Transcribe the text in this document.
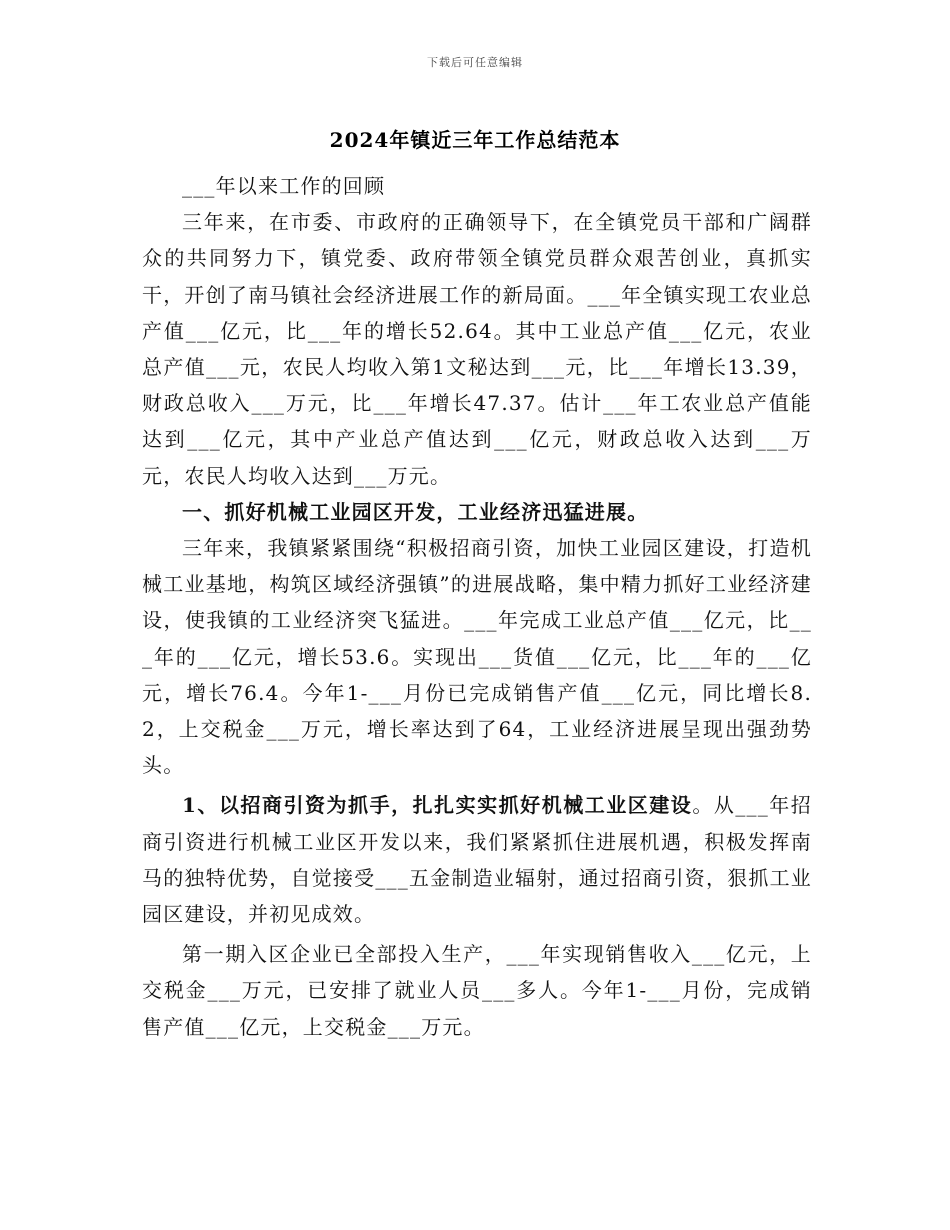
下载后可任意编辑
2024年镇近三年工作总结范本

___年以来工作的回顾

三年来，在市委、市政府的正确领导下，在全镇党员干部和广阔群众的共同努力下，镇党委、政府带领全镇党员群众艰苦创业，真抓实干，开创了南马镇社会经济进展工作的新局面。___年全镇实现工农业总产值___亿元，比___年的增长52.64。其中工业总产值___亿元，农业总产值___元，农民人均收入第1文秘达到___元，比___年增长13.39，财政总收入___万元，比___年增长47.37。估计___年工农业总产值能达到___亿元，其中产业总产值达到___亿元，财政总收入达到___万元，农民人均收入达到___万元。

一、抓好机械工业园区开发，工业经济迅猛进展。

三年来，我镇紧紧围绕“积极招商引资，加快工业园区建设，打造机械工业基地，构筑区域经济强镇”的进展战略，集中精力抓好工业经济建设，使我镇的工业经济突飞猛进。___年完成工业总产值___亿元，比___年的___亿元，增长53.6。实现出___货值___亿元，比___年的___亿元，增长76.4。今年1-___月份已完成销售产值___亿元，同比增长8.2，上交税金___万元，增长率达到了64，工业经济进展呈现出强劲势头。

1、以招商引资为抓手，扎扎实实抓好机械工业区建设。从___年招商引资进行机械工业区开发以来，我们紧紧抓住进展机遇，积极发挥南马的独特优势，自觉接受___五金制造业辐射，通过招商引资，狠抓工业园区建设，并初见成效。

第一期入区企业已全部投入生产，___年实现销售收入___亿元，上交税金___万元，已安排了就业人员___多人。今年1-___月份，完成销售产值___亿元，上交税金___万元。
